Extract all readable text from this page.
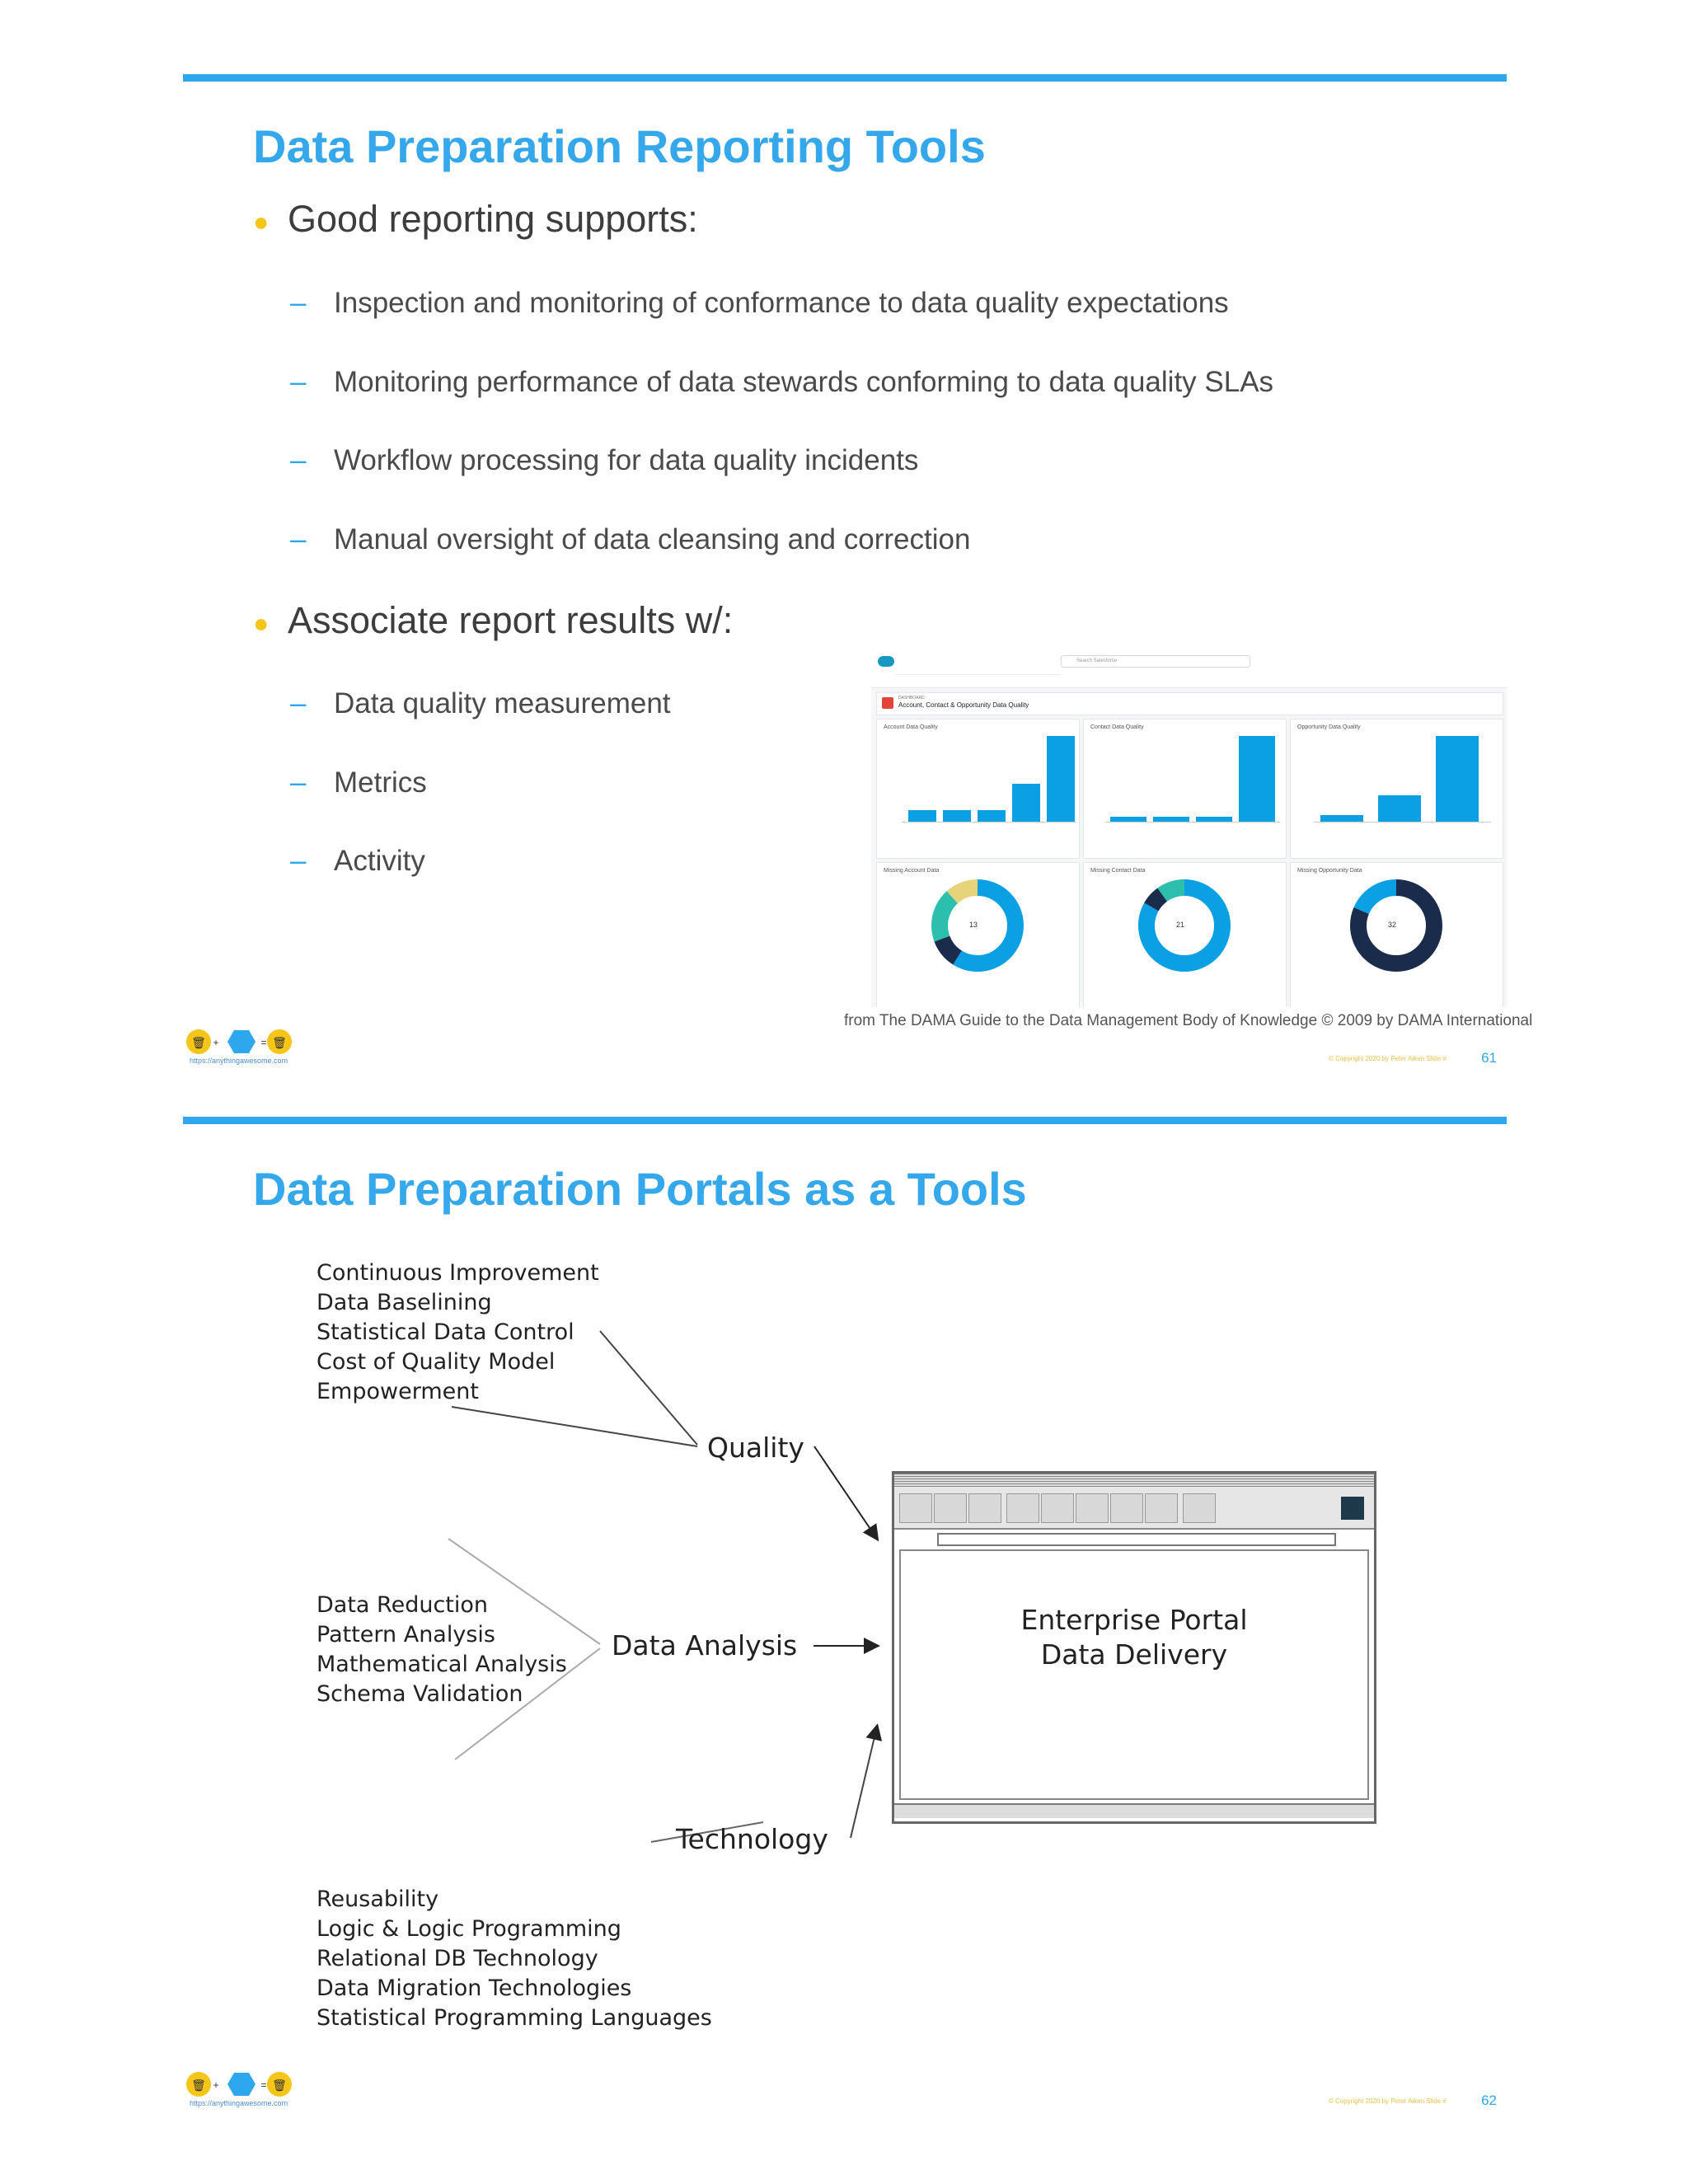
Data Preparation Reporting Tools
● Good reporting supports:
– Inspection and monitoring of conformance to data quality expectations
– Monitoring performance of data stewards conforming to data quality SLAs
– Workflow processing for data quality incidents
– Manual oversight of data cleansing and correction
● Associate report results w/:
– Data quality measurement
– Metrics
– Activity
Search Salesforce
DASHBOARD
Account, Contact & Opportunity Data Quality
Account Data Quality	Contact Data Quality	Opportunity Data Quality
Missing Account Data
13
Missing Contact Data
21
Missing Opportunity Data
32
from The DAMA Guide to the Data Management Body of Knowledge © 2009 by DAMA International
🗑 +	= 🗑
https://anythingawesome.com	© Copyright 2020 by Peter Aiken Slide # 61
Data Preparation Portals as a Tools
Continuous Improvement
Data Baselining
Statistical Data Control
Cost of Quality Model
Empowerment
Quality
Data Reduction
Pattern Analysis
Mathematical Analysis
Schema Validation
Data Analysis
Technology
Reusability
Logic & Logic Programming
Relational DB Technology
Data Migration Technologies
Statistical Programming Languages
Enterprise Portal
Data Delivery
🗑 +	= 🗑
https://anythingawesome.com	© Copyright 2020 by Peter Aiken Slide # 62
